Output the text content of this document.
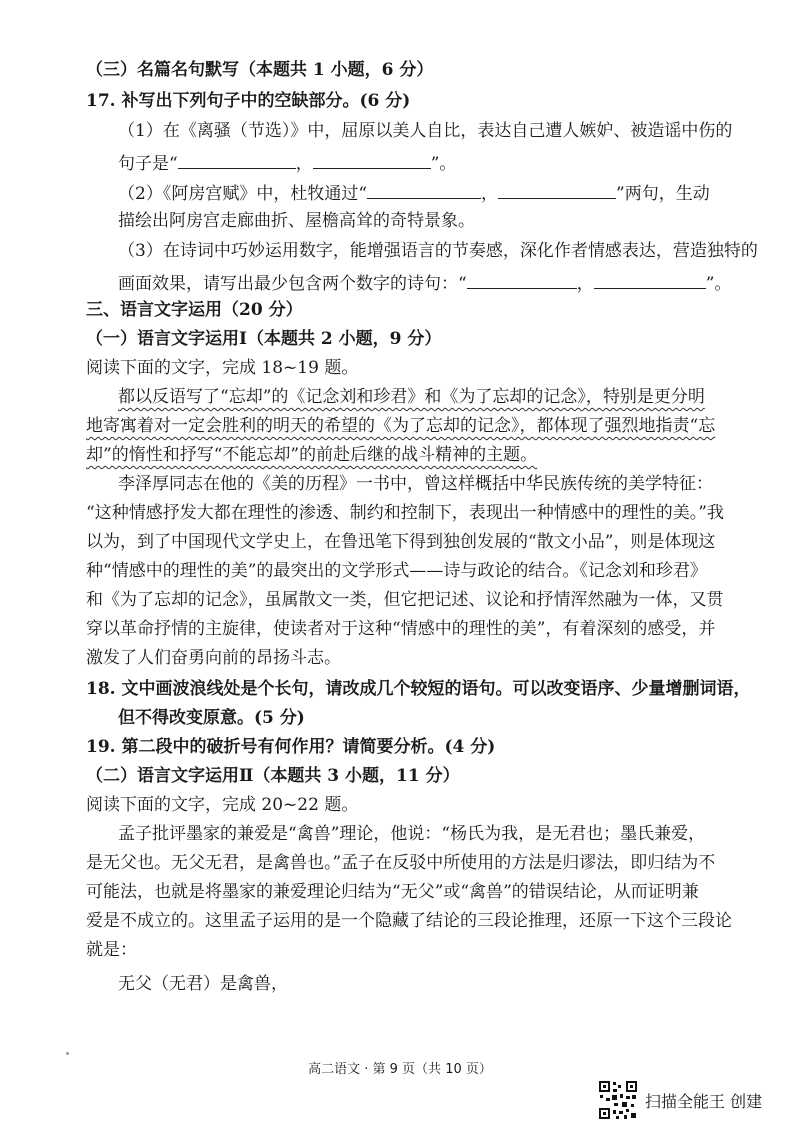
（三）名篇名句默写（本题共 1 小题，6 分）
17. 补写出下列句子中的空缺部分。(6 分)
（1）在《离骚（节选）》中，屈原以美人自比，表达自己遭人嫉妒、被造谣中伤的
句子是“	，	”。
（2）《阿房宫赋》中，杜牧通过“	，	”两句，生动
描绘出阿房宫走廊曲折、屋檐高耸的奇特景象。
（3）在诗词中巧妙运用数字，能增强语言的节奏感，深化作者情感表达，营造独特的
画面效果，请写出最少包含两个数字的诗句：“	，	”。
三、语言文字运用（20 分）
（一）语言文字运用Ⅰ（本题共 2 小题，9 分）
阅读下面的文字，完成 18~19 题。
都以反语写了“忘却”的《记念刘和珍君》和《为了忘却的记念》，特别是更分明
地寄寓着对一定会胜利的明天的希望的《为了忘却的记念》，都体现了强烈地指责“忘
却”的惰性和抒写“不能忘却”的前赴后继的战斗精神的主题。
李泽厚同志在他的《美的历程》一书中，曾这样概括中华民族传统的美学特征：
“这种情感抒发大都在理性的渗透、制约和控制下，表现出一种情感中的理性的美。”我
以为，到了中国现代文学史上，在鲁迅笔下得到独创发展的“散文小品”，则是体现这
种“情感中的理性的美”的最突出的文学形式——诗与政论的结合。《记念刘和珍君》
和《为了忘却的记念》，虽属散文一类，但它把记述、议论和抒情浑然融为一体，又贯
穿以革命抒情的主旋律，使读者对于这种“情感中的理性的美”，有着深刻的感受，并
激发了人们奋勇向前的昂扬斗志。
18. 文中画波浪线处是个长句，请改成几个较短的语句。可以改变语序、少量增删词语，
但不得改变原意。(5 分)
19. 第二段中的破折号有何作用？请简要分析。(4 分)
（二）语言文字运用Ⅱ（本题共 3 小题，11 分）
阅读下面的文字，完成 20~22 题。
孟子批评墨家的兼爱是“禽兽”理论，他说：“杨氏为我，是无君也；墨氏兼爱，
是无父也。无父无君，是禽兽也。”孟子在反驳中所使用的方法是归谬法，即归结为不
可能法，也就是将墨家的兼爱理论归结为“无父”或“禽兽”的错误结论，从而证明兼
爱是不成立的。这里孟子运用的是一个隐藏了结论的三段论推理，还原一下这个三段论
就是：
无父（无君）是禽兽，
高二语文 · 第 9 页（共 10 页）
扫描全能王 创建
